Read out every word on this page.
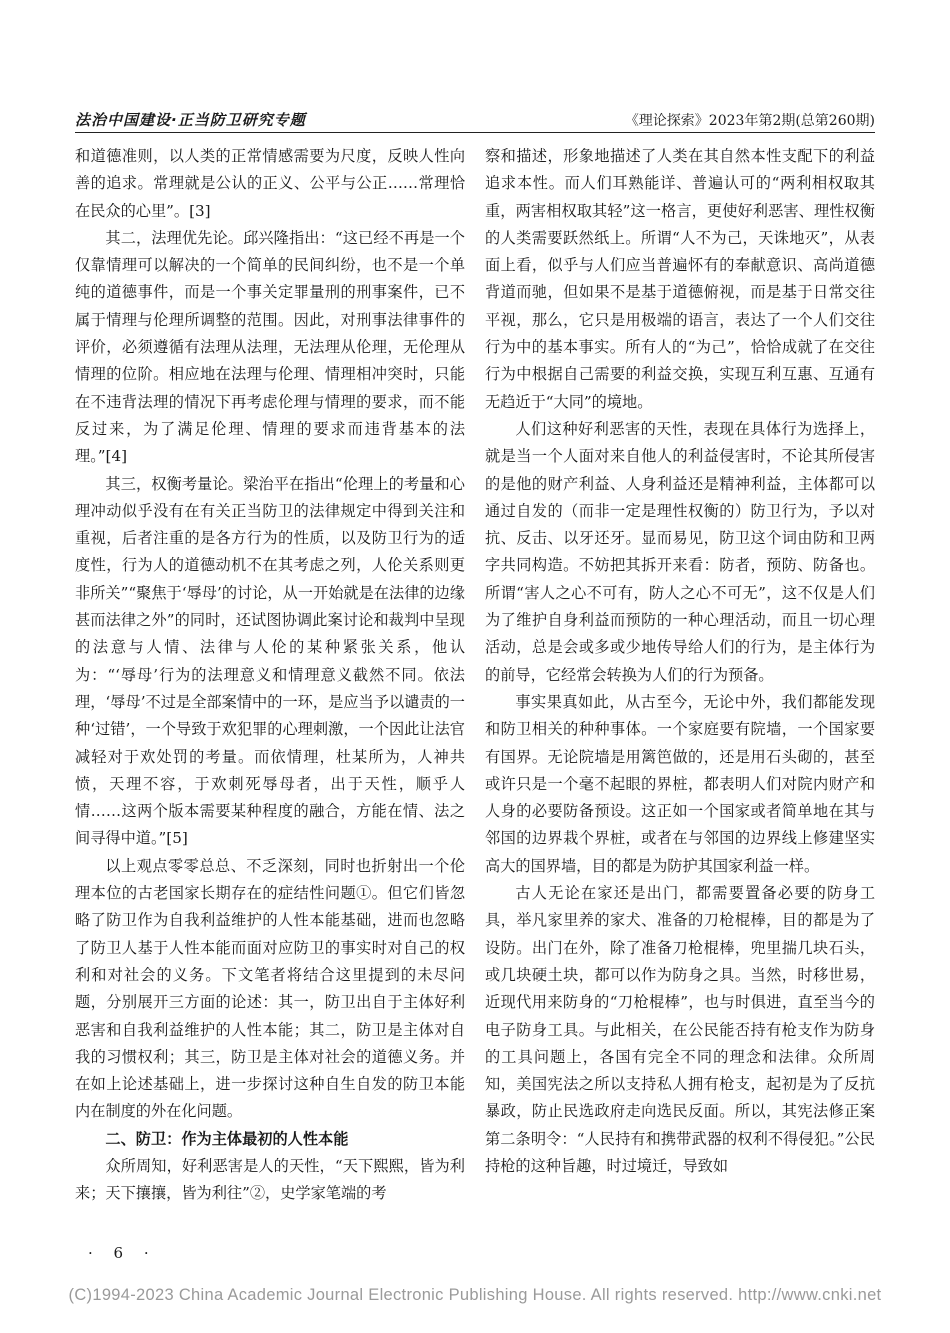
法治中国建设·正当防卫研究专题	《理论探索》2023年第2期(总第260期)

和道德准则，以人类的正常情感需要为尺度，反映人性向善的追求。常理就是公认的正义、公平与公正……常理恰在民众的心里”。[3]

其二，法理优先论。邱兴隆指出：“这已经不再是一个仅靠情理可以解决的一个简单的民间纠纷，也不是一个单纯的道德事件，而是一个事关定罪量刑的刑事案件，已不属于情理与伦理所调整的范围。因此，对刑事法律事件的评价，必须遵循有法理从法理，无法理从伦理，无伦理从情理的位阶。相应地在法理与伦理、情理相冲突时，只能在不违背法理的情况下再考虑伦理与情理的要求，而不能反过来，为了满足伦理、情理的要求而违背基本的法理。”[4]

其三，权衡考量论。梁治平在指出“伦理上的考量和心理冲动似乎没有在有关正当防卫的法律规定中得到关注和重视，后者注重的是各方行为的性质，以及防卫行为的适度性，行为人的道德动机不在其考虑之列，人伦关系则更非所关”“聚焦于‘辱母’的讨论，从一开始就是在法律的边缘甚而法律之外”的同时，还试图协调此案讨论和裁判中呈现的法意与人情、法律与人伦的某种紧张关系，他认为：“‘辱母’行为的法理意义和情理意义截然不同。依法理，‘辱母’不过是全部案情中的一环，是应当予以谴责的一种‘过错’，一个导致于欢犯罪的心理刺激，一个因此让法官减轻对于欢处罚的考量。而依情理，杜某所为，人神共愤，天理不容，于欢刺死辱母者，出于天性，顺乎人情……这两个版本需要某种程度的融合，方能在情、法之间寻得中道。”[5]

以上观点零零总总、不乏深刻，同时也折射出一个伦理本位的古老国家长期存在的症结性问题①。但它们皆忽略了防卫作为自我利益维护的人性本能基础，进而也忽略了防卫人基于人性本能而面对应防卫的事实时对自己的权利和对社会的义务。下文笔者将结合这里提到的未尽问题，分别展开三方面的论述：其一，防卫出自于主体好利恶害和自我利益维护的人性本能；其二，防卫是主体对自我的习惯权利；其三，防卫是主体对社会的道德义务。并在如上论述基础上，进一步探讨这种自生自发的防卫本能内在制度的外在化问题。

二、防卫：作为主体最初的人性本能

众所周知，好利恶害是人的天性，“天下熙熙，皆为利来；天下攘攘，皆为利往”②，史学家笔端的考

察和描述，形象地描述了人类在其自然本性支配下的利益追求本性。而人们耳熟能详、普遍认可的“两利相权取其重，两害相权取其轻”这一格言，更使好利恶害、理性权衡的人类需要跃然纸上。所谓“人不为己，天诛地灭”，从表面上看，似乎与人们应当普遍怀有的奉献意识、高尚道德背道而驰，但如果不是基于道德俯视，而是基于日常交往平视，那么，它只是用极端的语言，表达了一个人们交往行为中的基本事实。所有人的“为己”，恰恰成就了在交往行为中根据自己需要的利益交换，实现互利互惠、互通有无趋近于“大同”的境地。

人们这种好利恶害的天性，表现在具体行为选择上，就是当一个人面对来自他人的利益侵害时，不论其所侵害的是他的财产利益、人身利益还是精神利益，主体都可以通过自发的（而非一定是理性权衡的）防卫行为，予以对抗、反击、以牙还牙。显而易见，防卫这个词由防和卫两字共同构造。不妨把其拆开来看：防者，预防、防备也。所谓“害人之心不可有，防人之心不可无”，这不仅是人们为了维护自身利益而预防的一种心理活动，而且一切心理活动，总是会或多或少地传导给人们的行为，是主体行为的前导，它经常会转换为人们的行为预备。

事实果真如此，从古至今，无论中外，我们都能发现和防卫相关的种种事体。一个家庭要有院墙，一个国家要有国界。无论院墙是用篱笆做的，还是用石头砌的，甚至或许只是一个毫不起眼的界桩，都表明人们对院内财产和人身的必要防备预设。这正如一个国家或者简单地在其与邻国的边界栽个界桩，或者在与邻国的边界线上修建坚实高大的国界墙，目的都是为防护其国家利益一样。

古人无论在家还是出门，都需要置备必要的防身工具，举凡家里养的家犬、准备的刀枪棍棒，目的都是为了设防。出门在外，除了准备刀枪棍棒，兜里揣几块石头，或几块硬土块，都可以作为防身之具。当然，时移世易，近现代用来防身的“刀枪棍棒”，也与时俱进，直至当今的电子防身工具。与此相关，在公民能否持有枪支作为防身的工具问题上，各国有完全不同的理念和法律。众所周知，美国宪法之所以支持私人拥有枪支，起初是为了反抗暴政，防止民选政府走向选民反面。所以，其宪法修正案第二条明令：“人民持有和携带武器的权利不得侵犯。”公民持枪的这种旨趣，时过境迁，导致如

· 6 ·
(C)1994-2023 China Academic Journal Electronic Publishing House. All rights reserved. http://www.cnki.net
